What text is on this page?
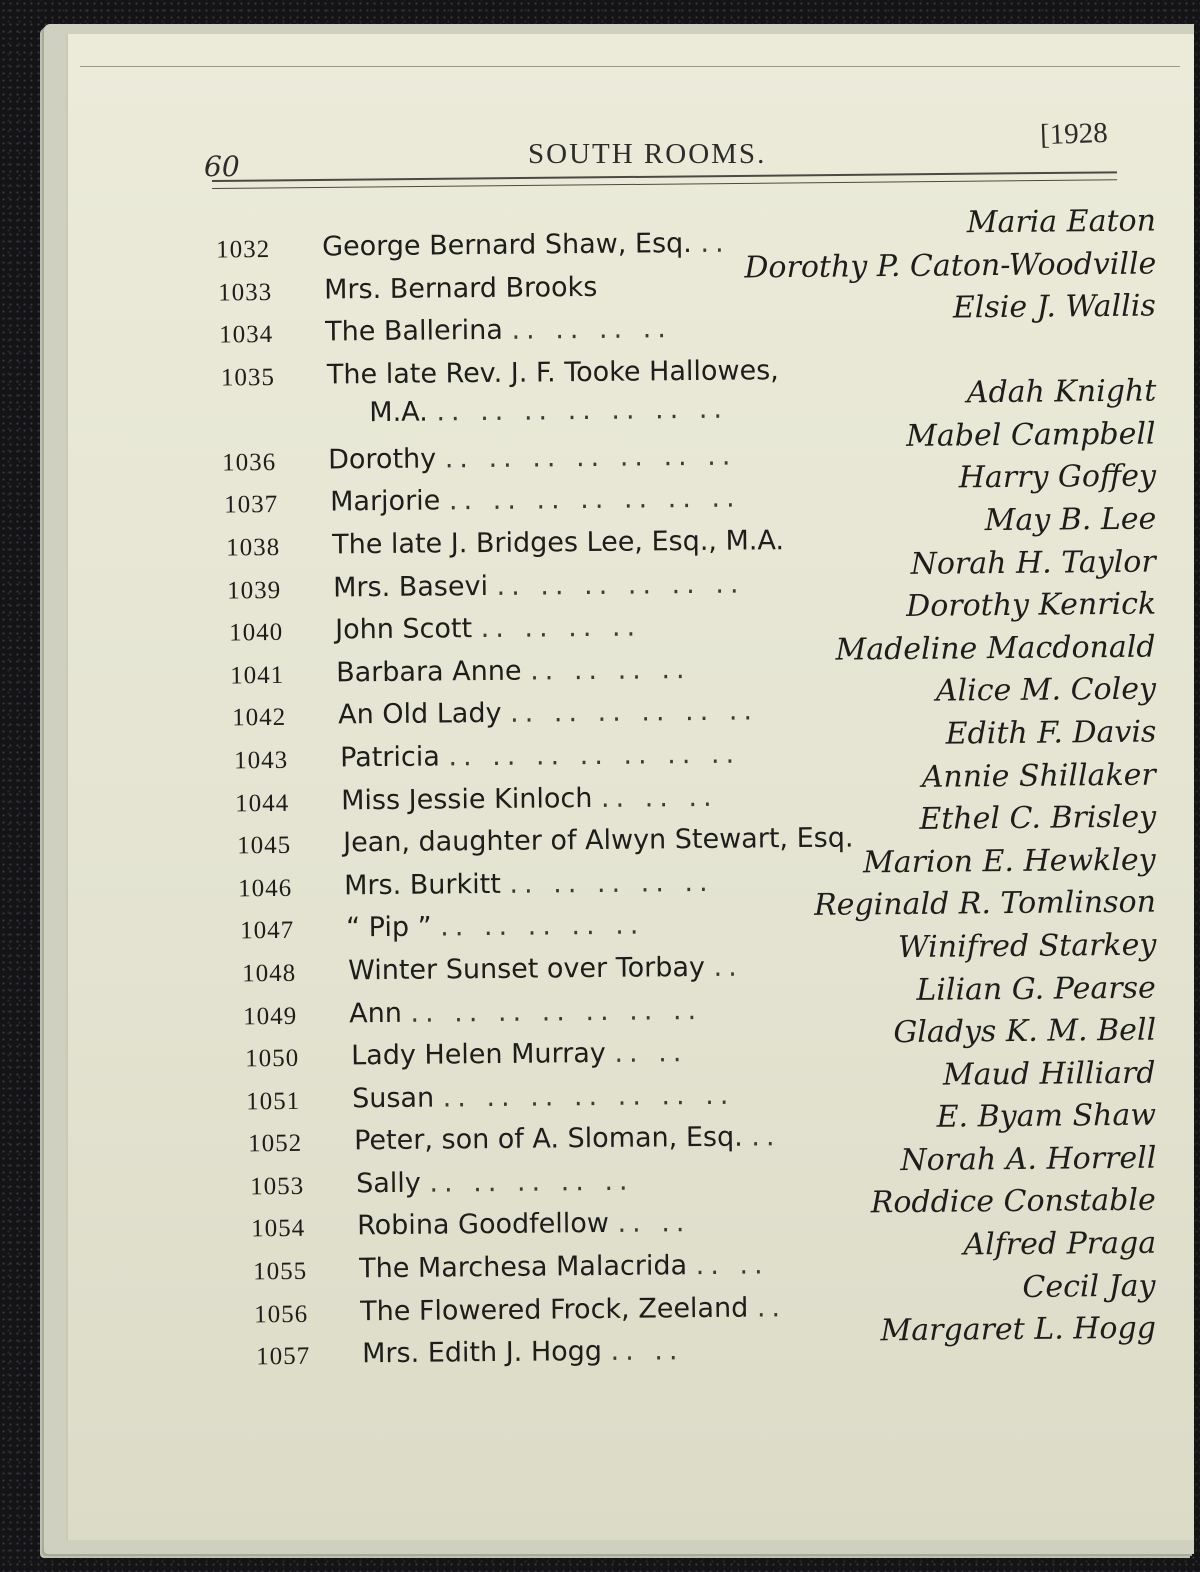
60	SOUTH ROOMS.
[1928
1032 George Bernard Shaw, Esq. ..
Maria Eaton
1033 Mrs. Bernard Brooks
Dorothy P. Caton-Woodville
1034 The Ballerina .. .. .. ..
Elsie J. Wallis
1035 The late Rev. J. F. Tooke Hallowes,
M.A. .. .. .. .. .. .. ..
Adah Knight
1036 Dorothy .. .. .. .. .. .. ..
Mabel Campbell
1037 Marjorie .. .. .. .. .. .. ..
Harry Goffey
1038 The late J. Bridges Lee, Esq., M.A.
May B. Lee
1039 Mrs. Basevi .. .. .. .. .. ..
Norah H. Taylor
1040 John Scott .. .. .. ..
Dorothy Kenrick
1041 Barbara Anne .. .. .. ..
Madeline Macdonald
1042 An Old Lady .. .. .. .. .. ..
Alice M. Coley
1043 Patricia .. .. .. .. .. .. ..
Edith F. Davis
1044 Miss Jessie Kinloch .. .. ..
Annie Shillaker
1045 Jean, daughter of Alwyn Stewart, Esq.
Ethel C. Brisley
1046 Mrs. Burkitt .. .. .. .. ..
Marion E. Hewkley
1047 “ Pip ” .. .. .. .. ..
Reginald R. Tomlinson
1048 Winter Sunset over Torbay ..
Winifred Starkey
1049 Ann .. .. .. .. .. .. ..
Lilian G. Pearse
1050 Lady Helen Murray .. ..
Gladys K. M. Bell
1051 Susan .. .. .. .. .. .. ..
Maud Hilliard
1052 Peter, son of A. Sloman, Esq. ..
E. Byam Shaw
1053 Sally .. .. .. .. ..
Norah A. Horrell
1054 Robina Goodfellow .. ..
Roddice Constable
1055 The Marchesa Malacrida .. ..
Alfred Praga
1056 The Flowered Frock, Zeeland ..
Cecil Jay
1057 Mrs. Edith J. Hogg .. ..
Margaret L. Hogg
